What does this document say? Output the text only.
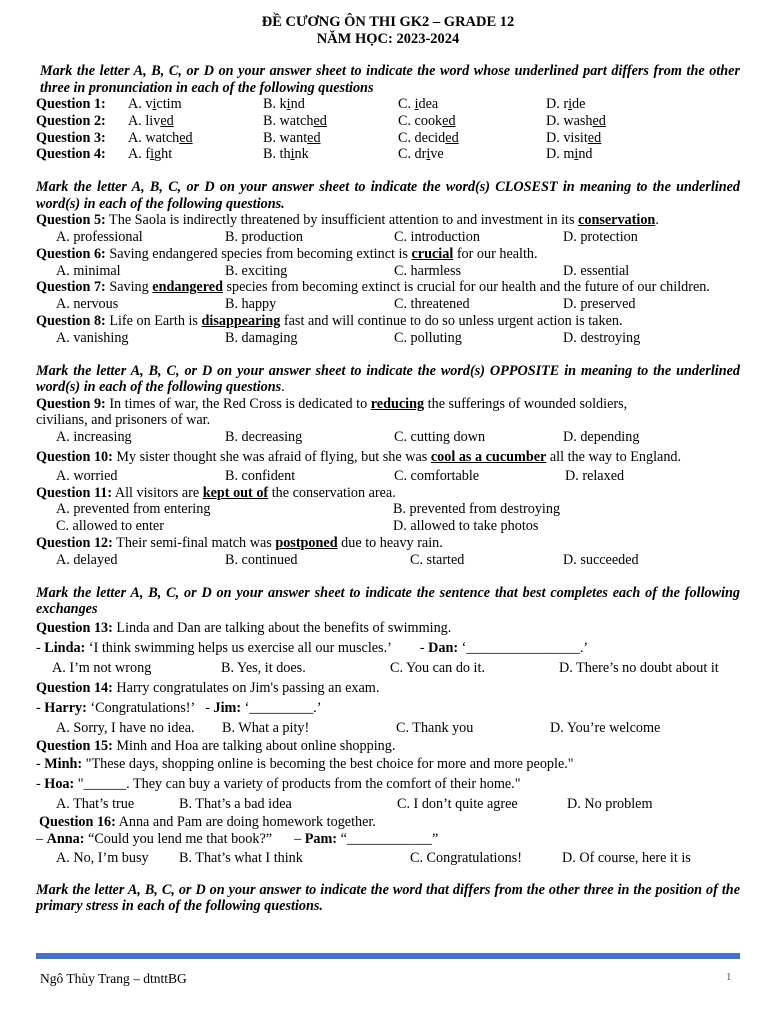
ĐỀ CƯƠNG ÔN THI GK2 – GRADE 12
NĂM HỌC: 2023-2024
Mark the letter A, B, C, or D on your answer sheet to indicate the word whose underlined part differs from the other three in pronunciation in each of the following questions
Question 1:	A. victim	B. kind	C. idea	D. ride
Question 2:	A. lived	B. watched	C. cooked	D. washed
Question 3:	A. watched	B. wanted	C. decided	D. visited
Question 4:	A. fight	B. think	C. drive	D. mind
Mark the letter A, B, C, or D on your answer sheet to indicate the word(s) CLOSEST in meaning to the underlined word(s) in each of the following questions.
Question 5: The Saola is indirectly threatened by insufficient attention to and investment in its conservation.
A. professional	B. production	C. introduction	D. protection
Question 6: Saving endangered species from becoming extinct is crucial for our health.
A. minimal	B. exciting	C. harmless	D. essential
Question 7: Saving endangered species from becoming extinct is crucial for our health and the future of our children.
A. nervous	B. happy	C. threatened	D. preserved
Question 8: Life on Earth is disappearing fast and will continue to do so unless urgent action is taken.
A. vanishing	B. damaging	C. polluting	D. destroying
Mark the letter A, B, C, or D on your answer sheet to indicate the word(s) OPPOSITE in meaning to the underlined word(s) in each of the following questions.
Question 9: In times of war, the Red Cross is dedicated to reducing the sufferings of wounded soldiers,
civilians, and prisoners of war.
A. increasing	B. decreasing	C. cutting down	D. depending
Question 10: My sister thought she was afraid of flying, but she was cool as a cucumber all the way to England.
A. worried	B. confident	C. comfortable	D. relaxed
Question 11: All visitors are kept out of the conservation area.
A. prevented from entering	B. prevented from destroying
C. allowed to enter	D. allowed to take photos
Question 12: Their semi-final match was postponed due to heavy rain.
A. delayed	B. continued	C. started	D. succeeded
Mark the letter A, B, C, or D on your answer sheet to indicate the sentence that best completes each of the following exchanges
Question 13: Linda and Dan are talking about the benefits of swimming.
- Linda: ‘I think swimming helps us exercise all our muscles.’ - Dan: ‘________________.’
A. I’m not wrong	B. Yes, it does.	C. You can do it.	D. There’s no doubt about it
Question 14: Harry congratulates on Jim's passing an exam.
- Harry: ‘Congratulations!’ - Jim: ‘_________.’
A. Sorry, I have no idea.	B. What a pity!	C. Thank you	D. You’re welcome
Question 15: Minh and Hoa are talking about online shopping.
- Minh: "These days, shopping online is becoming the best choice for more and more people."
- Hoa: "______. They can buy a variety of products from the comfort of their home."
A. That’s true	B. That’s a bad idea	C. I don’t quite agree	D. No problem
Question 16: Anna and Pam are doing homework together.
– Anna: “Could you lend me that book?” – Pam: “____________”
A. No, I’m busy	B. That’s what I think	C. Congratulations!	D. Of course, here it is
Mark the letter A, B, C, or D on your answer to indicate the word that differs from the other three in the position of the primary stress in each of the following questions.
Ngô Thùy Trang – dtnttBG	1
